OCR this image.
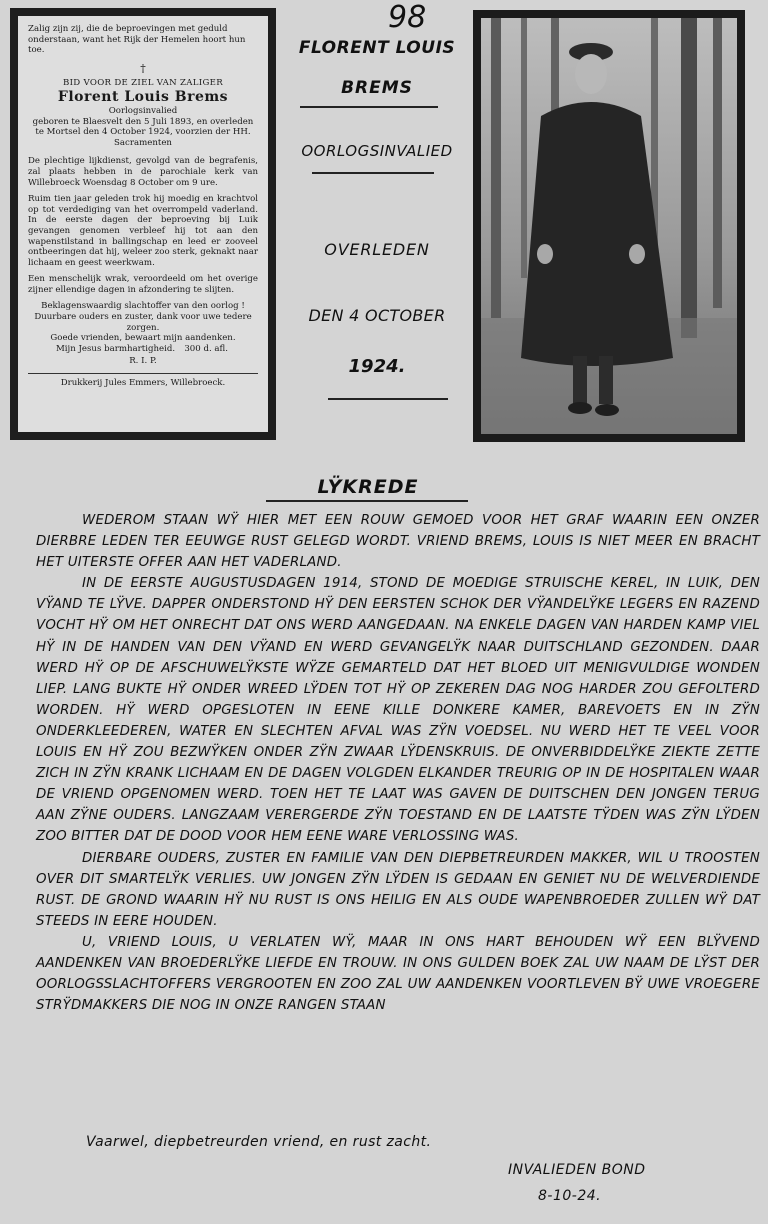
98

Zalig zijn zij, die de beproevingen met geduld onderstaan, want het Rijk der Hemelen hoort hun toe.

†
BID VOOR DE ZIEL VAN ZALIGER
Florent Louis Brems
Oorlogsinvalied
geboren te Blaesvelt den 5 Juli 1893, en overleden te Mortsel den 4 October 1924, voorzien der HH. Sacramenten

De plechtige lijkdienst, gevolgd van de begrafenis, zal plaats hebben in de parochiale kerk van Willebroeck Woensdag 8 October om 9 ure.

Ruim tien jaar geleden trok hij moedig en krachtvol op tot verdediging van het overrompeld vaderland. In de eerste dagen der beproeving bij Luik gevangen genomen verbleef hij tot aan den wapenstilstand in ballingschap en leed er zooveel ontbeeringen dat hij, weleer zoo sterk, geknakt naar lichaam en geest weerkwam.

Een menschelijk wrak, veroordeeld om het overige zijner ellendige dagen in afzondering te slijten.

Beklagenswaardig slachtoffer van den oorlog !

Duurbare ouders en zuster, dank voor uwe tedere zorgen.

Goede vrienden, bewaart mijn aandenken.

Mijn Jesus barmhartigheid. 300 d. afl.
R. I. P.
Drukkerij Jules Emmers, Willebroeck.
FLORENT LOUIS
BREMS
OORLOGSINVALIED
OVERLEDEN
DEN 4 OCTOBER
1924.
LŸKREDE

WEDEROM STAAN WŸ HIER MET EEN ROUW GEMOED VOOR HET GRAF WAARIN EEN ONZER DIERBRE LEDEN TER EEUWGE RUST GELEGD WORDT. VRIEND BREMS, LOUIS IS NIET MEER EN BRACHT HET UITERSTE OFFER AAN HET VADERLAND.

IN DE EERSTE AUGUSTUSDAGEN 1914, STOND DE MOEDIGE STRUISCHE KEREL, IN LUIK, DEN VŸAND TE LŸVE. DAPPER ONDERSTOND HŸ DEN EERSTEN SCHOK DER VŸANDELŸKE LEGERS EN RAZEND VOCHT HŸ OM HET ONRECHT DAT ONS WERD AANGEDAAN. NA ENKELE DAGEN VAN HARDEN KAMP VIEL HŸ IN DE HANDEN VAN DEN VŸAND EN WERD GEVANGELŸK NAAR DUITSCHLAND GEZONDEN. DAAR WERD HŸ OP DE AFSCHUWELŸKSTE WŸZE GEMARTELD DAT HET BLOED UIT MENIGVULDIGE WONDEN LIEP. LANG BUKTE HŸ ONDER WREED LŸDEN TOT HŸ OP ZEKEREN DAG NOG HARDER ZOU GEFOLTERD WORDEN. HŸ WERD OPGESLOTEN IN EENE KILLE DONKERE KAMER, BAREVOETS EN IN ZŸN ONDERKLEEDEREN, WATER EN SLECHTEN AFVAL WAS ZŸN VOEDSEL. NU WERD HET TE VEEL VOOR LOUIS EN HŸ ZOU BEZWŸKEN ONDER ZŸN ZWAAR LŸDENSKRUIS. DE ONVERBIDDELŸKE ZIEKTE ZETTE ZICH IN ZŸN KRANK LICHAAM EN DE DAGEN VOLGDEN ELKANDER TREURIG OP IN DE HOSPITALEN WAAR DE VRIEND OPGENOMEN WERD. TOEN HET TE LAAT WAS GAVEN DE DUITSCHEN DEN JONGEN TERUG AAN ZŸNE OUDERS. LANGZAAM VERERGERDE ZŸN TOESTAND EN DE LAATSTE TŸDEN WAS ZŸN LŸDEN ZOO BITTER DAT DE DOOD VOOR HEM EENE WARE VERLOSSING WAS.

DIERBARE OUDERS, ZUSTER EN FAMILIE VAN DEN DIEPBETREURDEN MAKKER, WIL U TROOSTEN OVER DIT SMARTELŸK VERLIES. UW JONGEN ZŸN LŸDEN IS GEDAAN EN GENIET NU DE WELVERDIENDE RUST. DE GROND WAARIN HŸ NU RUST IS ONS HEILIG EN ALS OUDE WAPENBROEDER ZULLEN WŸ DAT STEEDS IN EERE HOUDEN.

U, VRIEND LOUIS, U VERLATEN WŸ, MAAR IN ONS HART BEHOUDEN WŸ EEN BLŸVEND AANDENKEN VAN BROEDERLŸKE LIEFDE EN TROUW. IN ONS GULDEN BOEK ZAL UW NAAM DE LŸST DER OORLOGSSLACHTOFFERS VERGROOTEN EN ZOO ZAL UW AANDENKEN VOORTLEVEN BŸ UWE VROEGERE STRŸDMAKKERS DIE NOG IN ONZE RANGEN STAAN

Vaarwel, diepbetreurden vriend, en rust zacht.
INVALIEDEN BOND
8-10-24.
